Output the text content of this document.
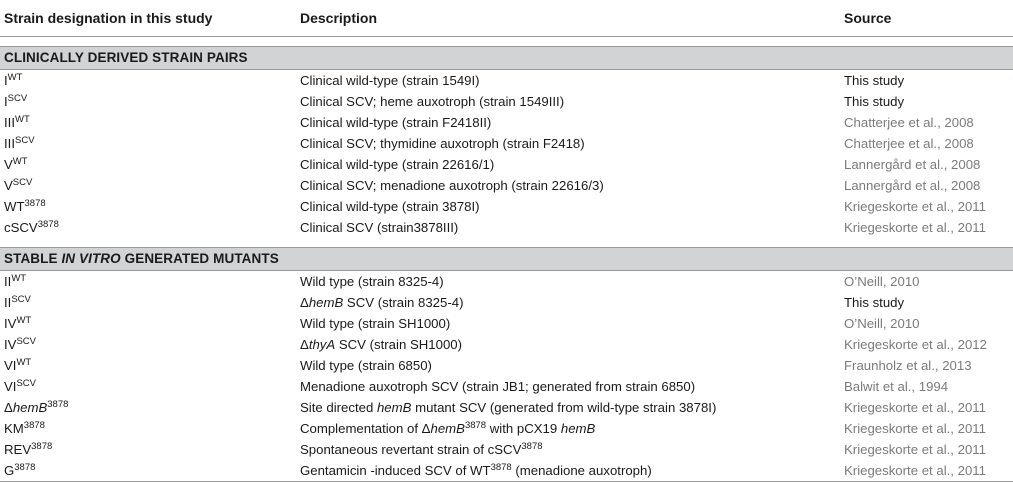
Strain designation in this study	Description	Source

CLINICALLY DERIVED STRAIN PAIRS		
$I^{WT}$	Clinical wild-type (strain 1549I)	This study
$I^{SCV}$	Clinical SCV; heme auxotroph (strain 1549III)	This study
$III^{WT}$	Clinical wild-type (strain F2418II)	Chatterjee et al., 2008
$III^{SCV}$	Clinical SCV; thymidine auxotroph (strain F2418)	Chatterjee et al., 2008
$V^{WT}$	Clinical wild-type (strain 22616/1)	Lannergård et al., 2008
$V^{SCV}$	Clinical SCV; menadione auxotroph (strain 22616/3)	Lannergård et al., 2008
$WT^{3878}$	Clinical wild-type (strain 3878I)	Kriegeskorte et al., 2011
cSCV$^{3878}$	Clinical SCV (strain3878III)	Kriegeskorte et al., 2011

STABLE IN VITRO GENERATED MUTANTS		
$II^{WT}$	Wild type (strain 8325-4)	O’Neill, 2010
$II^{SCV}$	ΔhemB SCV (strain 8325-4)	This study
$IV^{WT}$	Wild type (strain SH1000)	O’Neill, 2010
$IV^{SCV}$	ΔthyA SCV (strain SH1000)	Kriegeskorte et al., 2012
$VI^{WT}$	Wild type (strain 6850)	Fraunholz et al., 2013
$VI^{SCV}$	Menadione auxotroph SCV (strain JB1; generated from strain 6850)	Balwit et al., 1994
ΔhemB$^{3878}$	Site directed hemB mutant SCV (generated from wild-type strain 3878I)	Kriegeskorte et al., 2011
$KM^{3878}$	Complementation of ΔhemB$^{3878}$ with pCX19 hemB	Kriegeskorte et al., 2011
$REV^{3878}$	Spontaneous revertant strain of cSCV$^{3878}$	Kriegeskorte et al., 2011
$G^{3878}$	Gentamicin -induced SCV of $WT^{3878}$ (menadione auxotroph)	Kriegeskorte et al., 2011
